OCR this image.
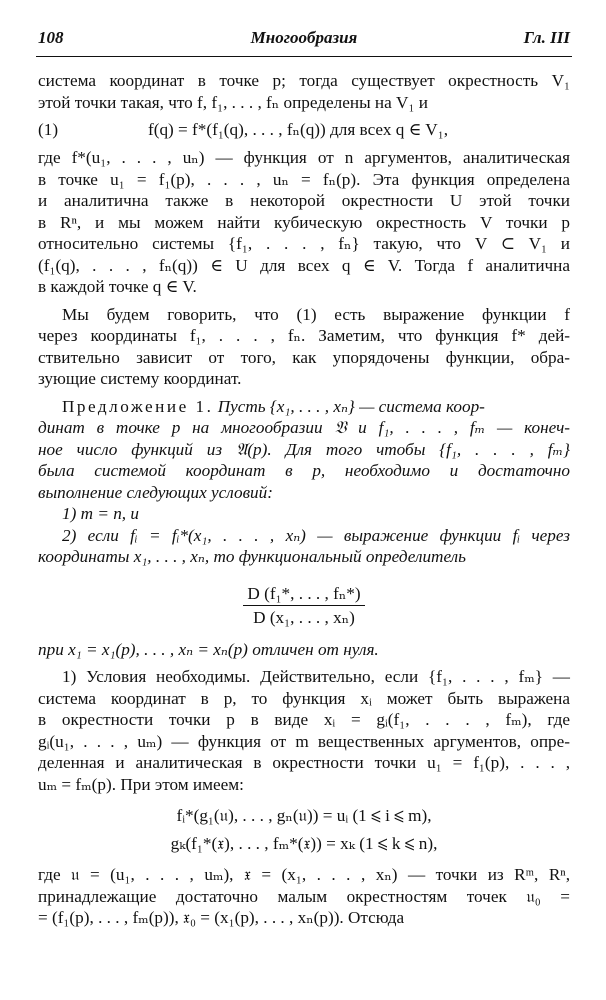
108	Многообразия	Гл. III
система координат в точке p; тогда существует окрестность V₁
этой точки такая, что f, f₁, . . . , fₙ определены на V₁ и
(1)	f(q) = f*(f₁(q), . . . , fₙ(q)) для всех q ∈ V₁,
где f*(u₁, . . . , uₙ) — функция от n аргументов, аналитическая
в точке u₁ = f₁(p), . . . , uₙ = fₙ(p). Эта функция определена
и аналитична также в некоторой окрестности U этой точки
в Rⁿ, и мы можем найти кубическую окрестность V точки p
относительно системы {f₁, . . . , fₙ} такую, что V ⊂ V₁ и
(f₁(q), . . . , fₙ(q)) ∈ U для всех q ∈ V. Тогда f аналитична
в каждой точке q ∈ V.
Мы будем говорить, что (1) есть выражение функции f
через координаты f₁, . . . , fₙ. Заметим, что функция f* дей-
ствительно зависит от того, как упорядочены функции, обра-
зующие систему координат.
Предложение 1. Пусть {x₁, . . . , xₙ} — система коор-
динат в точке p на многообразии 𝔙 и f₁, . . . , fₘ — конеч-
ное число функций из 𝔄(p). Для того чтобы {f₁, . . . , fₘ}
была системой координат в p, необходимо и достаточно
выполнение следующих условий:
1) m = n, и
2) если fᵢ = fᵢ*(x₁, . . . , xₙ) — выражение функции fᵢ через
координаты x₁, . . . , xₙ, то функциональный определитель
$\frac{\text{D (f₁*, . . . , fₙ*)}}{\text{D (x₁, . . . , xₙ)}}$
при x₁ = x₁(p), . . . , xₙ = xₙ(p) отличен от нуля.
1) Условия необходимы. Действительно, если {f₁, . . . , fₘ} —
система координат в p, то функция xᵢ может быть выражена
в окрестности точки p в виде xᵢ = gᵢ(f₁, . . . , fₘ), где
gᵢ(u₁, . . . , uₘ) — функция от m вещественных аргументов, опре-
деленная и аналитическая в окрестности точки u₁ = f₁(p), . . . ,
uₘ = fₘ(p). При этом имеем:
fᵢ*(g₁(𝔲), . . . , gₙ(𝔲)) = uᵢ (1 ⩽ i ⩽ m),
gₖ(f₁*(𝔵), . . . , fₘ*(𝔵)) = xₖ (1 ⩽ k ⩽ n),
где 𝔲 = (u₁, . . . , uₘ), 𝔵 = (x₁, . . . , xₙ) — точки из Rᵐ, Rⁿ,
принадлежащие достаточно малым окрестностям точек 𝔲₀ =
= (f₁(p), . . . , fₘ(p)), 𝔵₀ = (x₁(p), . . . , xₙ(p)). Отсюда
